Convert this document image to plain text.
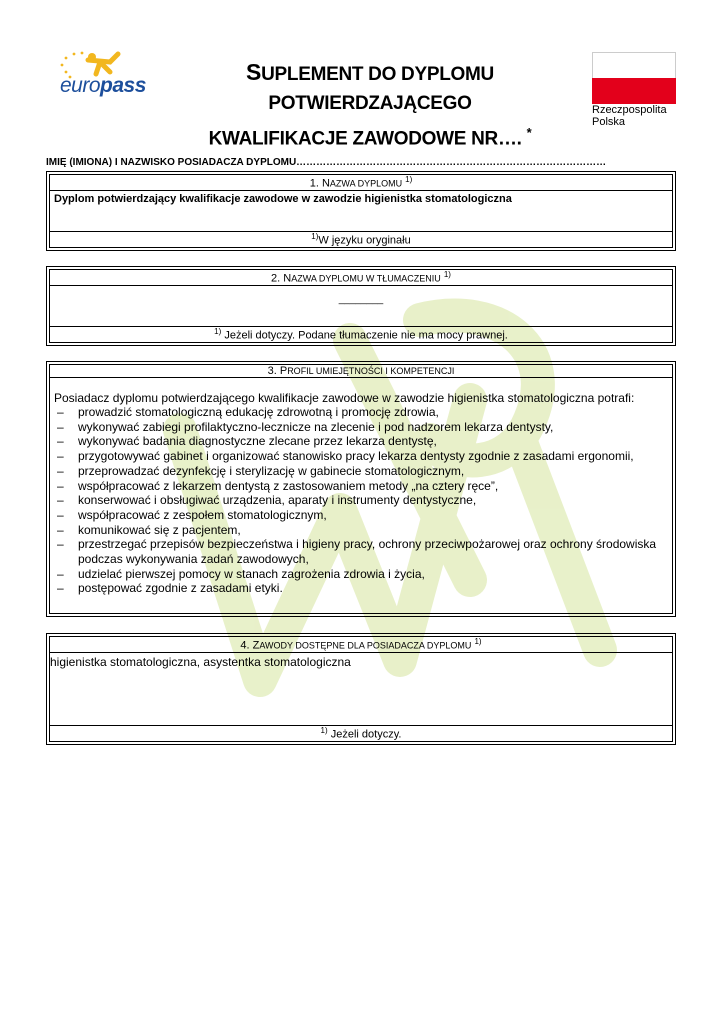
europass
SUPLEMENT DO DYPLOMU POTWIERDZAJĄCEGO
KWALIFIKACJE ZAWODOWE NR…. *
Rzeczpospolita
Polska
IMIĘ (IMIONA) I NAZWISKO POSIADACZA DYPLOMU…………………………………………………………………………………
1. NAZWA DYPLOMU $^{1)}$
Dyplom potwierdzający kwalifikacje zawodowe w zawodzie higienistka stomatologiczna
$^{1)}$W języku oryginału
2. NAZWA DYPLOMU W TŁUMACZENIU $^{1)}$
________
$^{1)}$ Jeżeli dotyczy. Podane tłumaczenie nie ma mocy prawnej.
3. PROFIL UMIEJĘTNOŚCI I KOMPETENCJI
Posiadacz dyplomu potwierdzającego kwalifikacje zawodowe w zawodzie higienistka stomatologiczna potrafi:
– prowadzić stomatologiczną edukację zdrowotną i promocję zdrowia,
– wykonywać zabiegi profilaktyczno-lecznicze na zlecenie i pod nadzorem lekarza dentysty,
– wykonywać badania diagnostyczne zlecane przez lekarza dentystę,
– przygotowywać gabinet i organizować stanowisko pracy lekarza dentysty zgodnie z zasadami ergonomii,
– przeprowadzać dezynfekcję i sterylizację w gabinecie stomatologicznym,
– współpracować z lekarzem dentystą z zastosowaniem metody „na cztery ręce”,
– konserwować i obsługiwać urządzenia, aparaty i instrumenty dentystyczne,
– współpracować z zespołem stomatologicznym,
– komunikować się z pacjentem,
– przestrzegać przepisów bezpieczeństwa i higieny pracy, ochrony przeciwpożarowej oraz ochrony środowiska podczas wykonywania zadań zawodowych,
– udzielać pierwszej pomocy w stanach zagrożenia zdrowia i życia,
– postępować zgodnie z zasadami etyki.
4. ZAWODY DOSTĘPNE DLA POSIADACZA DYPLOMU $^{1)}$
higienistka stomatologiczna, asystentka stomatologiczna
$^{1)}$ Jeżeli dotyczy.
